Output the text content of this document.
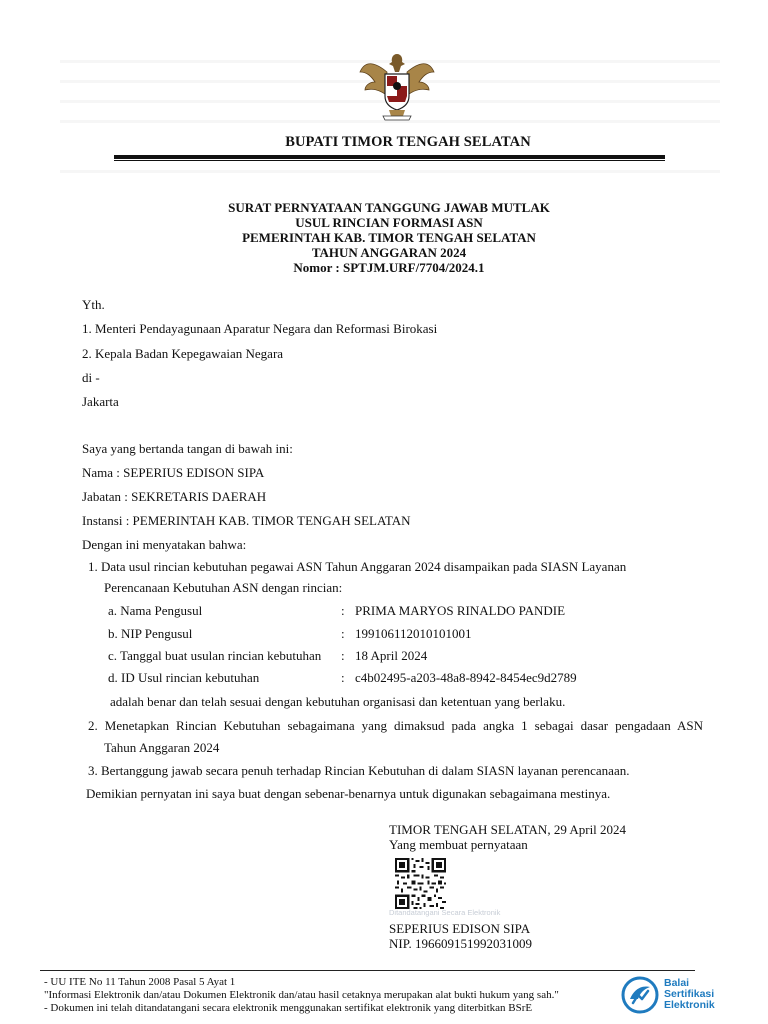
BUPATI TIMOR TENGAH SELATAN
SURAT PERNYATAAN TANGGUNG JAWAB MUTLAK
USUL RINCIAN FORMASI ASN
PEMERINTAH KAB. TIMOR TENGAH SELATAN
TAHUN ANGGARAN 2024
Nomor : SPTJM.URF/7704/2024.1
Yth.
1. Menteri Pendayagunaan Aparatur Negara dan Reformasi Birokasi
2. Kepala Badan Kepegawaian Negara
di -
Jakarta
Saya yang bertanda tangan di bawah ini:
Nama : SEPERIUS EDISON SIPA
Jabatan : SEKRETARIS DAERAH
Instansi : PEMERINTAH KAB. TIMOR TENGAH SELATAN
Dengan ini menyatakan bahwa:
1. Data usul rincian kebutuhan pegawai ASN Tahun Anggaran 2024 disampaikan pada SIASN Layanan
Perencanaan Kebutuhan ASN dengan rincian:
a. Nama Pengusul	: PRIMA MARYOS RINALDO PANDIE
b. NIP Pengusul	: 199106112010101001
c. Tanggal buat usulan rincian kebutuhan : 18 April 2024
d. ID Usul rincian kebutuhan	: c4b02495-a203-48a8-8942-8454ec9d2789
adalah benar dan telah sesuai dengan kebutuhan organisasi dan ketentuan yang berlaku.
2. Menetapkan Rincian Kebutuhan sebagaimana yang dimaksud pada angka 1 sebagai dasar pengadaan ASN
Tahun Anggaran 2024
3. Bertanggung jawab secara penuh terhadap Rincian Kebutuhan di dalam SIASN layanan perencanaan.
Demikian pernyatan ini saya buat dengan sebenar-benarnya untuk digunakan sebagaimana mestinya.
TIMOR TENGAH SELATAN, 29 April 2024
Yang membuat pernyataan
Ditandatangani Secara Elektronik
SEPERIUS EDISON SIPA
NIP. 196609151992031009
- UU ITE No 11 Tahun 2008 Pasal 5 Ayat 1
"Informasi Elektronik dan/atau Dokumen Elektronik dan/atau hasil cetaknya merupakan alat bukti hukum yang sah."
- Dokumen ini telah ditandatangani secara elektronik menggunakan sertifikat elektronik yang diterbitkan BSrE
Balai
Sertifikasi
Elektronik
